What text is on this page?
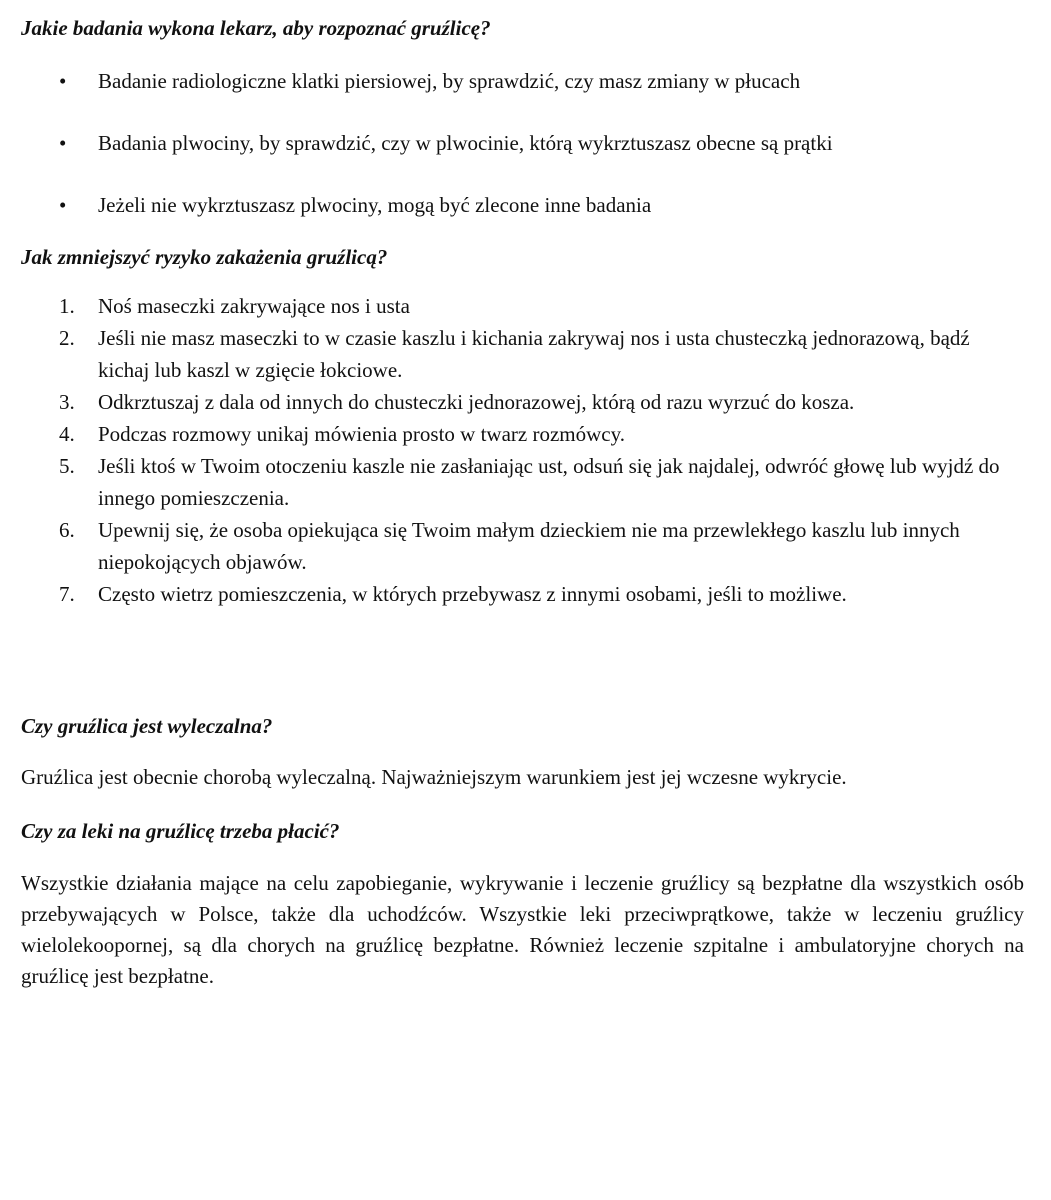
Jakie badania wykona lekarz, aby rozpoznać gruźlicę?
•	Badanie radiologiczne klatki piersiowej, by sprawdzić, czy masz zmiany w płucach
•	Badania plwociny, by sprawdzić, czy w plwocinie, którą wykrztuszasz obecne są prątki
•	Jeżeli nie wykrztuszasz plwociny, mogą być zlecone inne badania
Jak zmniejszyć ryzyko zakażenia gruźlicą?
1. Noś maseczki zakrywające nos i usta
2. Jeśli nie masz maseczki to w czasie kaszlu i kichania zakrywaj nos i usta chusteczką jednorazową, bądź kichaj lub kaszl w zgięcie łokciowe.
3. Odkrztuszaj z dala od innych do chusteczki jednorazowej, którą od razu wyrzuć do kosza.
4. Podczas rozmowy unikaj mówienia prosto w twarz rozmówcy.
5. Jeśli ktoś w Twoim otoczeniu kaszle nie zasłaniając ust, odsuń się jak najdalej, odwróć głowę lub wyjdź do innego pomieszczenia.
6. Upewnij się, że osoba opiekująca się Twoim małym dzieckiem nie ma przewlekłego kaszlu lub innych niepokojących objawów.
7. Często wietrz pomieszczenia, w których przebywasz z innymi osobami, jeśli to możliwe.
Czy gruźlica jest wyleczalna?

Gruźlica jest obecnie chorobą wyleczalną. Najważniejszym warunkiem jest jej wczesne wykrycie.

Czy za leki na gruźlicę trzeba płacić?

Wszystkie działania mające na celu zapobieganie, wykrywanie i leczenie gruźlicy są bezpłatne dla wszystkich osób przebywających w Polsce, także dla uchodźców. Wszystkie leki przeciwprątkowe, także w leczeniu gruźlicy wielolekoopornej, są dla chorych na gruźlicę bezpłatne. Również leczenie szpitalne i ambulatoryjne chorych na gruźlicę jest bezpłatne.
